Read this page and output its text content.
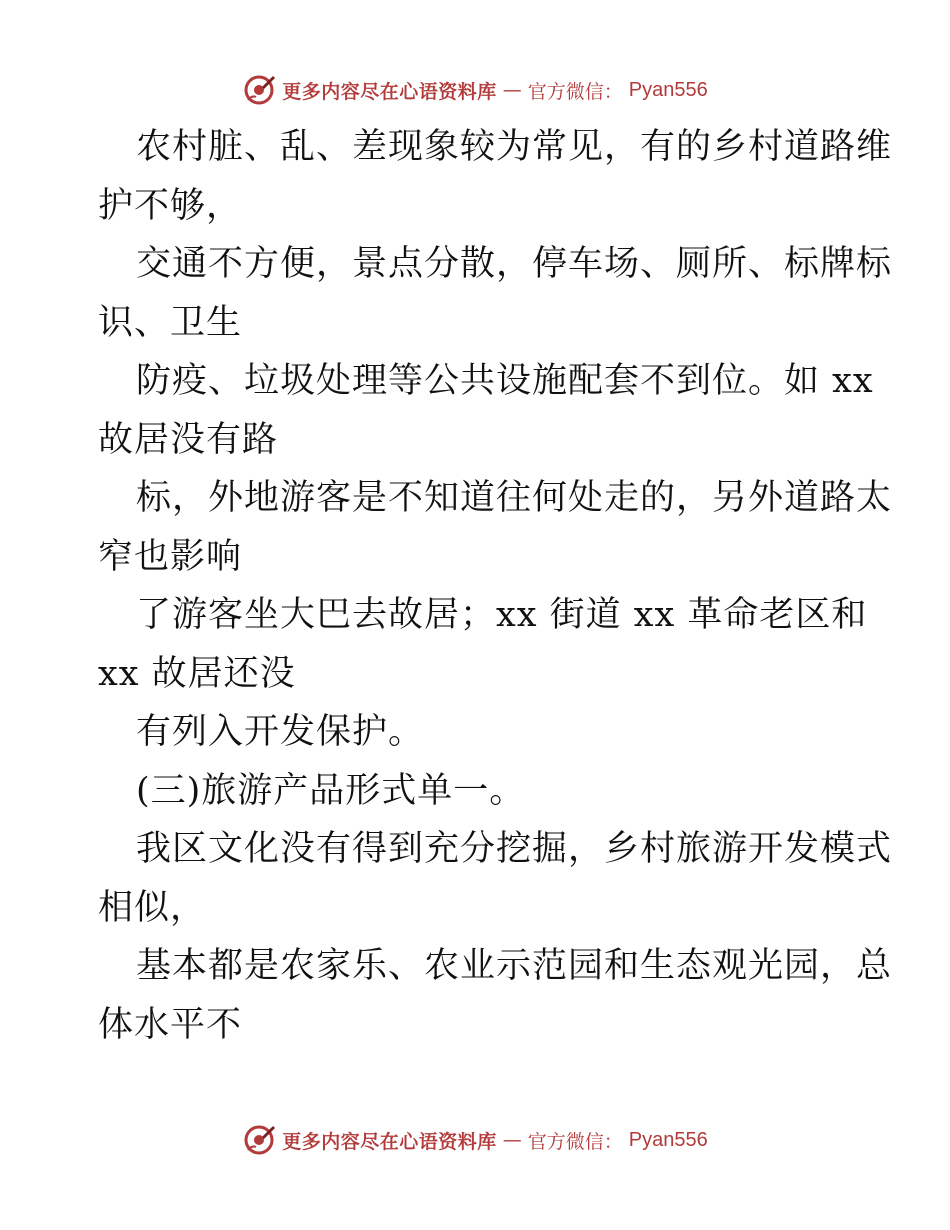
更多内容尽在心语资料库 — 官方微信： Pyan556
农村脏、乱、差现象较为常见，有的乡村道路维
护不够，
交通不方便，景点分散，停车场、厕所、标牌标
识、卫生
防疫、垃圾处理等公共设施配套不到位。如 xx
故居没有路
标，外地游客是不知道往何处走的，另外道路太
窄也影响
了游客坐大巴去故居；xx 街道 xx 革命老区和
xx 故居还没
有列入开发保护。
(三)旅游产品形式单一。
我区文化没有得到充分挖掘，乡村旅游开发模式
相似，
基本都是农家乐、农业示范园和生态观光园，总
体水平不
更多内容尽在心语资料库 — 官方微信： Pyan556
